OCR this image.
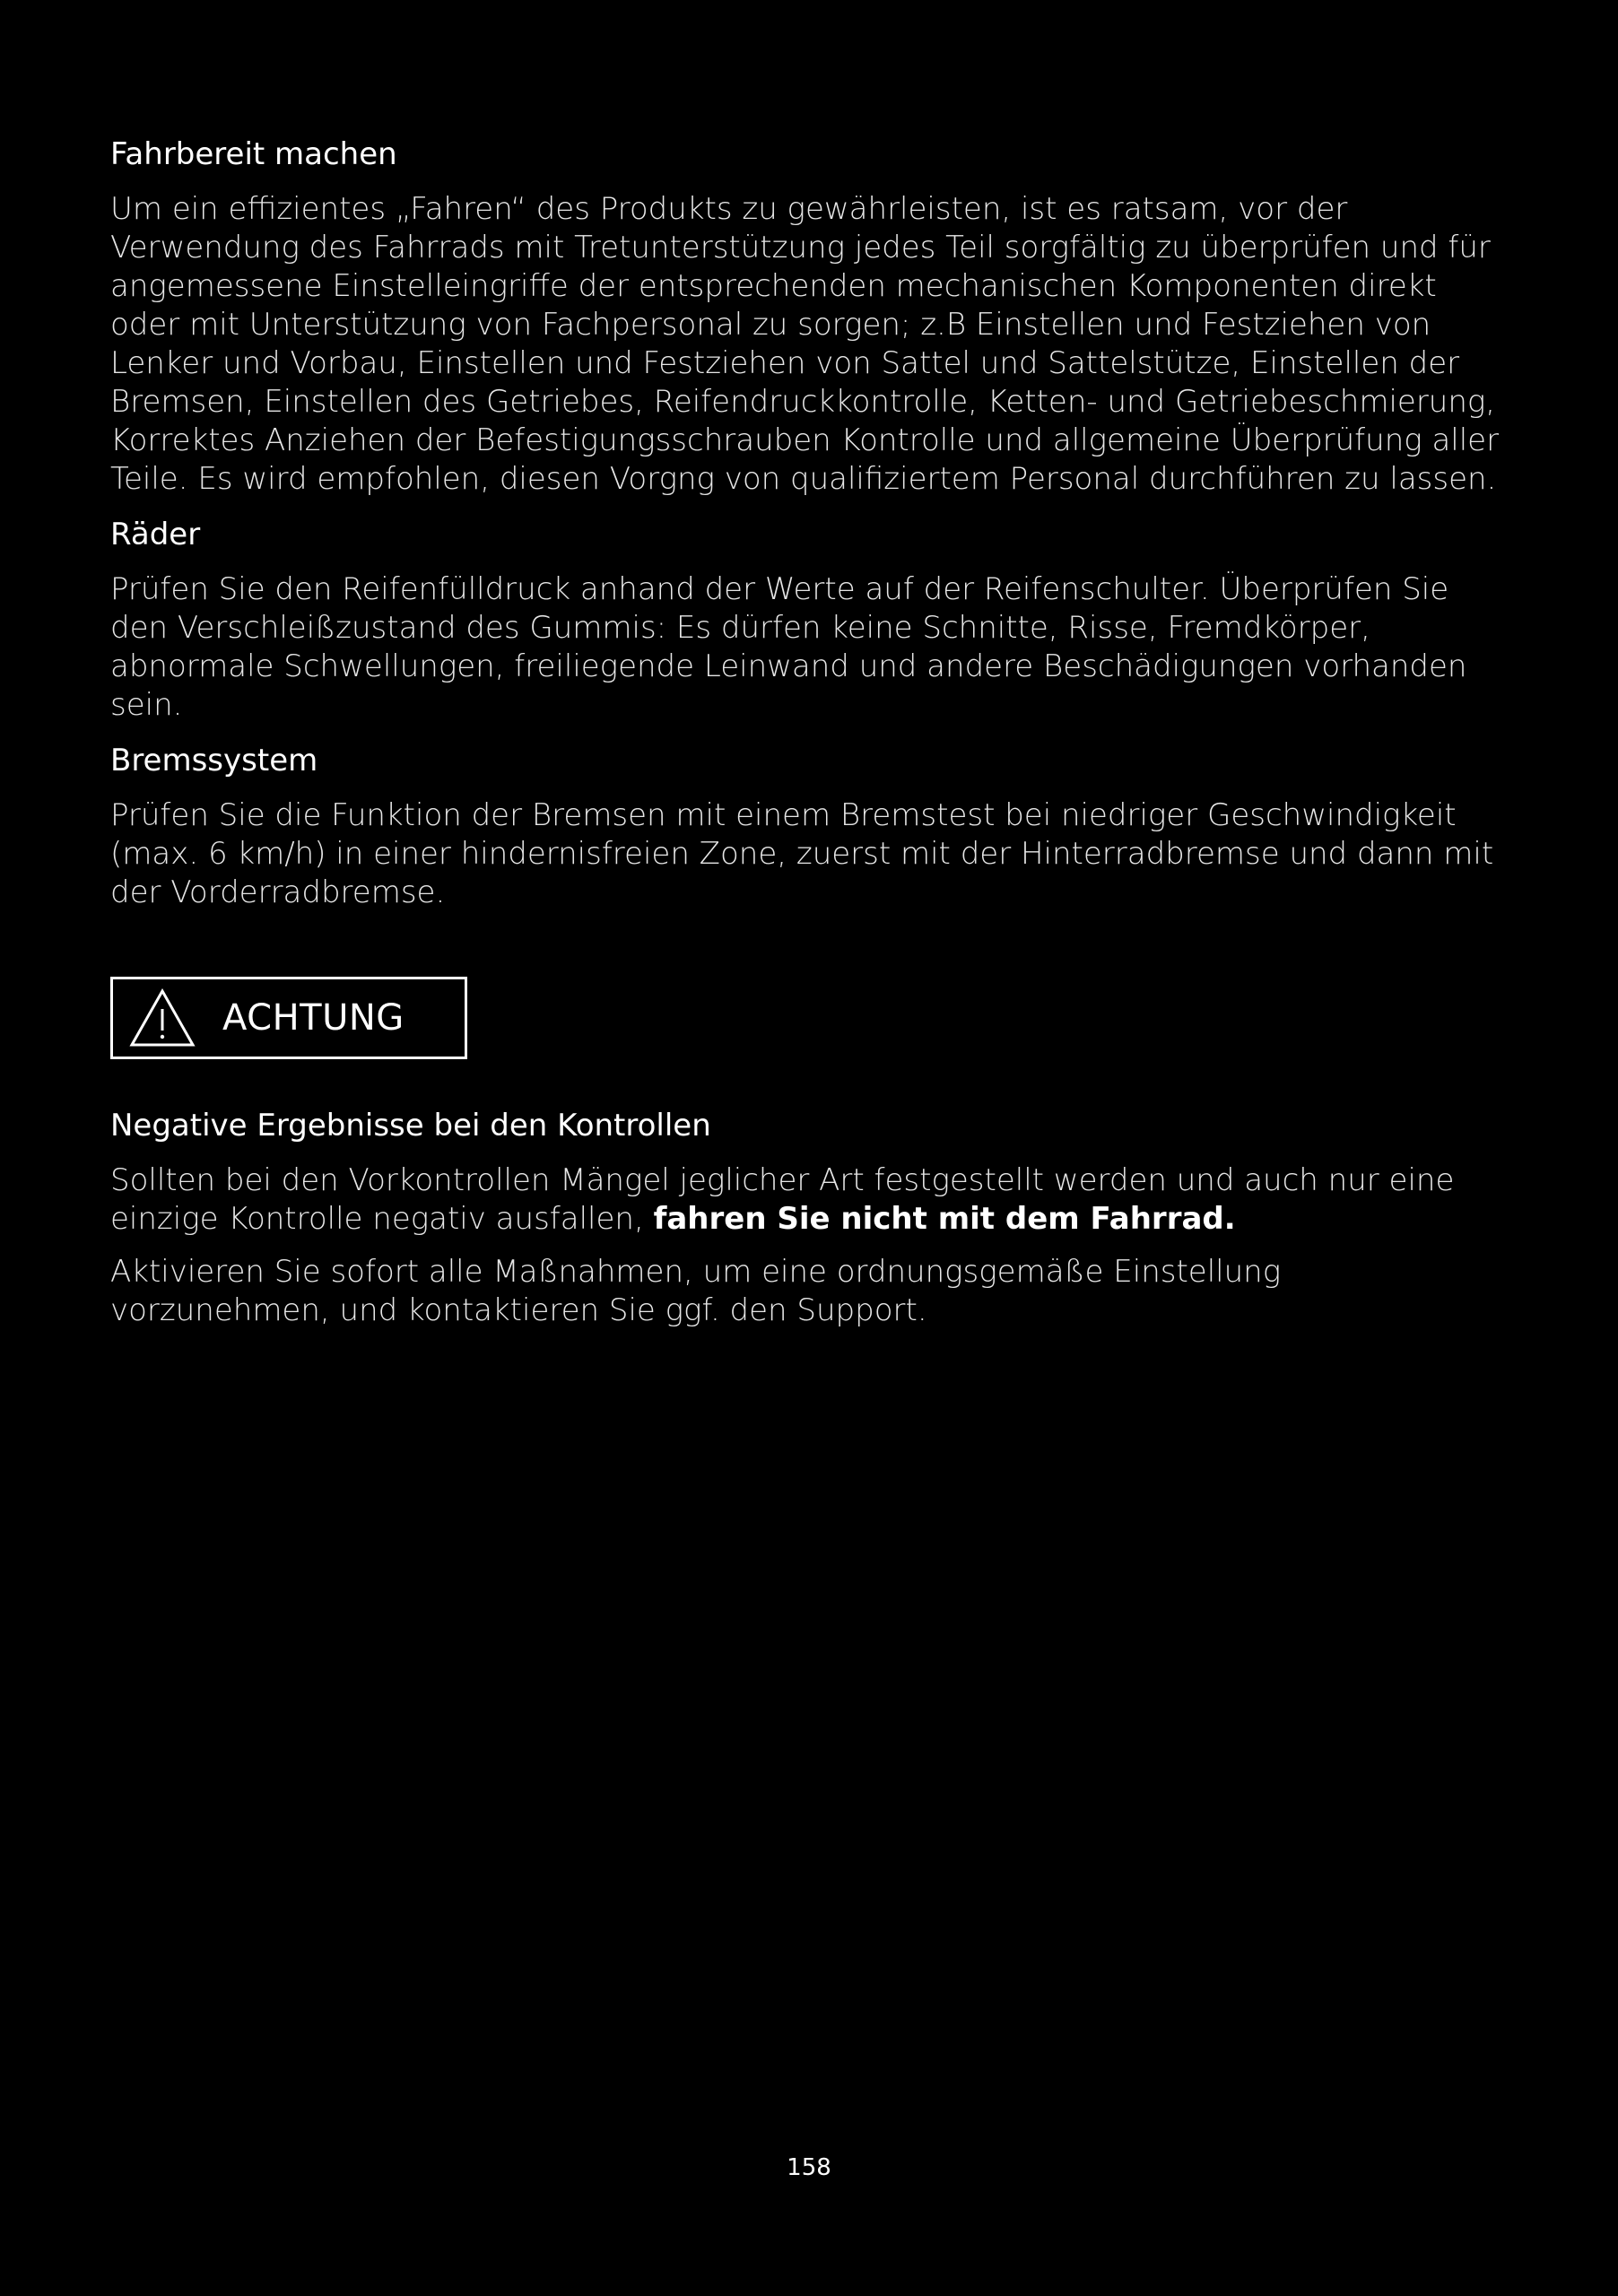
Fahrbereit machen

Um ein effizientes „Fahren“ des Produkts zu gewährleisten, ist es ratsam, vor der Verwendung des Fahrrads mit Tretunterstützung jedes Teil sorgfältig zu überprüfen und für angemessene Einstelleingriffe der entsprechenden mechanischen Komponenten direkt oder mit Unterstützung von Fachpersonal zu sorgen; z.B Einstellen und Festziehen von Lenker und Vorbau, Einstellen und Festziehen von Sattel und Sattelstütze, Einstellen der Bremsen, Einstellen des Getriebes, Reifendruckkontrolle, Ketten- und Getriebeschmierung, Korrektes Anziehen der Befestigungsschrauben Kontrolle und allgemeine Überprüfung aller Teile. Es wird empfohlen, diesen Vorgng von qualifiziertem Personal durchführen zu lassen.

Räder

Prüfen Sie den Reifenfülldruck anhand der Werte auf der Reifenschulter. Überprüfen Sie den Verschleißzustand des Gummis: Es dürfen keine Schnitte, Risse, Fremdkörper, abnormale Schwellungen, freiliegende Leinwand und andere Beschädigungen vorhanden sein.

Bremssystem

Prüfen Sie die Funktion der Bremsen mit einem Bremstest bei niedriger Geschwindigkeit (max. 6 km/h) in einer hindernisfreien Zone, zuerst mit der Hinterradbremse und dann mit der Vorderradbremse.

ACHTUNG
Negative Ergebnisse bei den Kontrollen

Sollten bei den Vorkontrollen Mängel jeglicher Art festgestellt werden und auch nur eine einzige Kontrolle negativ ausfallen, fahren Sie nicht mit dem Fahrrad.

Aktivieren Sie sofort alle Maßnahmen, um eine ordnungsgemäße Einstellung vorzunehmen, und kontaktieren Sie ggf. den Support.

158
